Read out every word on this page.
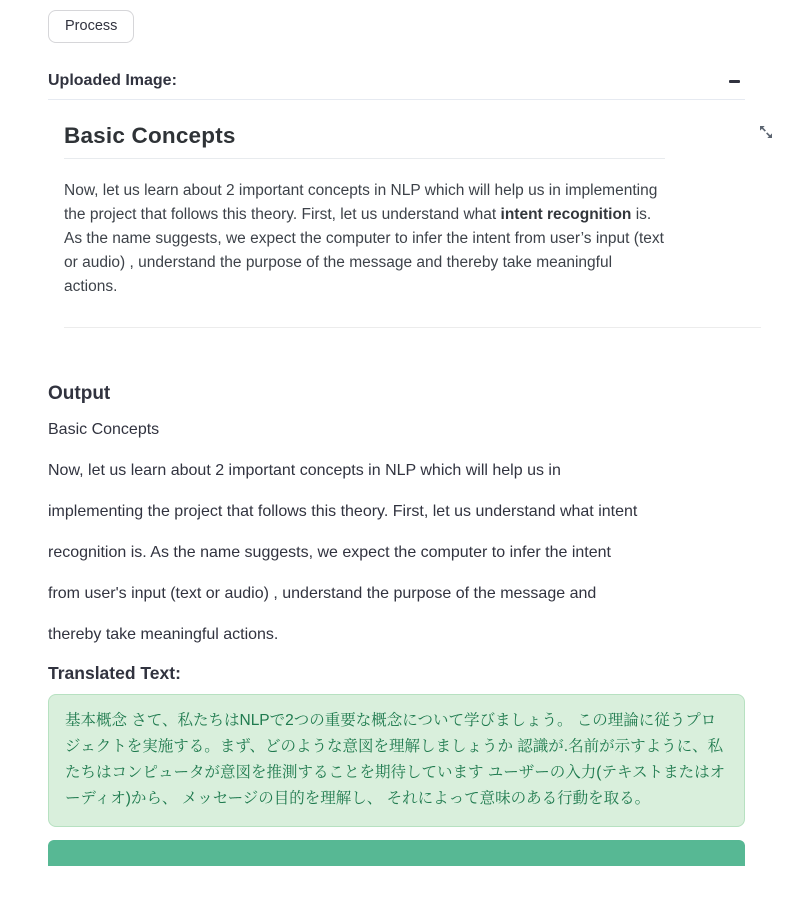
Process
Uploaded Image:
Basic Concepts

Now, let us learn about 2 important concepts in NLP which will help us in implementing the project that follows this theory. First, let us understand what intent recognition is. As the name suggests, we expect the computer to infer the intent from user’s input (text or audio) , understand the purpose of the message and thereby take meaningful actions.

Output

Basic Concepts

Now, let us learn about 2 important concepts in NLP which will help us in

implementing the project that follows this theory. First, let us understand what intent

recognition is. As the name suggests, we expect the computer to infer the intent

from user's input (text or audio) , understand the purpose of the message and

thereby take meaningful actions.

Translated Text:
基本概念 さて、私たちはNLPで2つの重要な概念について学びましょう。 この理論に従うプロジェクトを実施する。まず、どのような意図を理解しましょうか 認識が.名前が示すように、私たちはコンピュータが意図を推測することを期待しています ユーザーの入力(テキストまたはオーディオ)から、 メッセージの目的を理解し、 それによって意味のある行動を取る。
